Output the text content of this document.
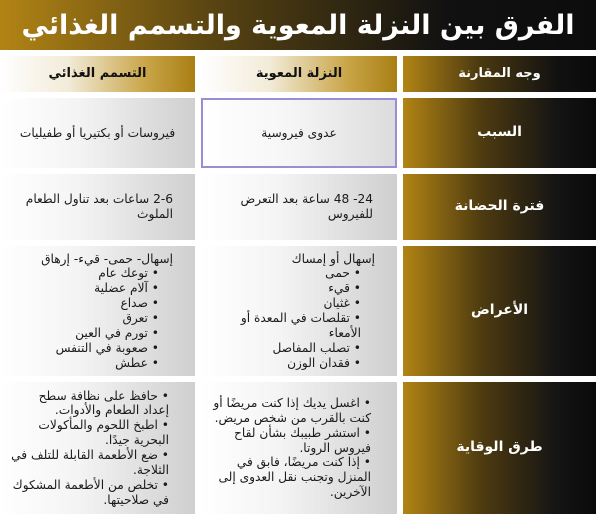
الفرق بين النزلة المعوية والتسمم الغذائي
وجه المقارنة
النزلة المعوية
التسمم الغذائي
السبب
عدوى فيروسية
فيروسات أو بكتيريا أو طفيليات
فترة الحضانة
24- 48 ساعة بعد التعرض للفيروس
2-6 ساعات بعد تناول الطعام الملوث
الأعراض

إسهال أو إمساك

• حمى
• قيء
• غثيان
• تقلصات في المعدة أو الأمعاء
• تصلب المفاصل
• فقدان الوزن

إسهال- حمى- قيء- إرهاق

• توعك عام
• آلام عضلية
• صداع
• تعرق
• تورم في العين
• صعوبة في التنفس
• عطش
طرق الوقاية
• اغسل يديك إذا كنت مريضًا أو كنت بالقرب من شخص مريض.
• استشر طبيبك بشأن لقاح فيروس الروتا.
• إذا كنت مريضًا، فابق في المنزل وتجنب نقل العدوى إلى الآخرين.
• حافظ على نظافة سطح إعداد الطعام والأدوات.
• اطبخ اللحوم والمأكولات البحرية جيدًا.
• ضع الأطعمة القابلة للتلف في الثلاجة.
• تخلص من الأطعمة المشكوك في صلاحيتها.
